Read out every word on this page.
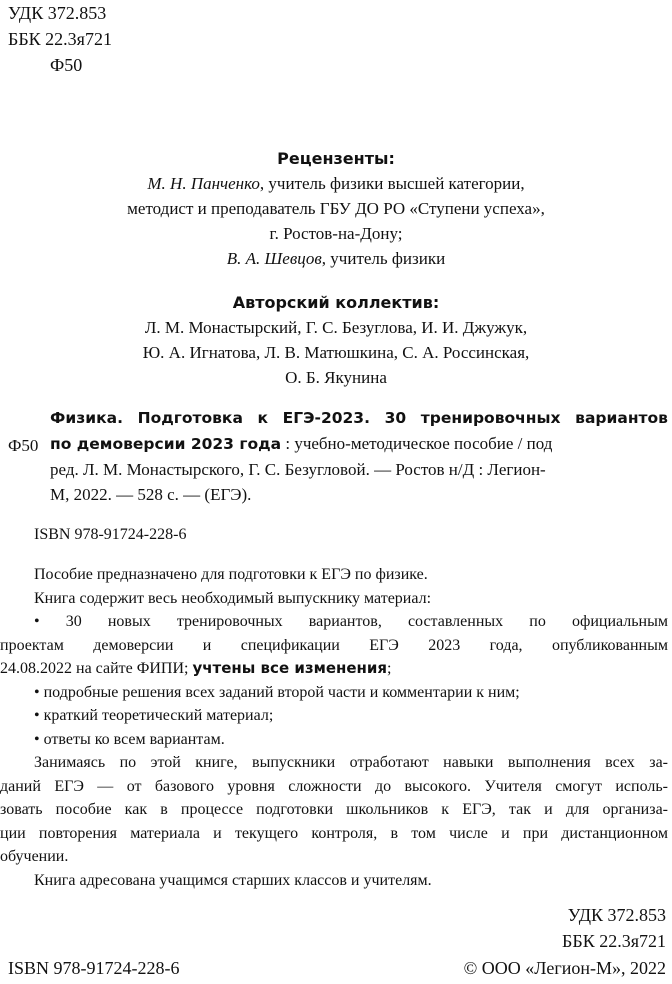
УДК 372.853
ББК 22.3я721
Ф50
Рецензенты:
М. Н. Панченко, учитель физики высшей категории,
методист и преподаватель ГБУ ДО РО «Ступени успеха»,
г. Ростов-на-Дону;
В. А. Шевцов, учитель физики
Авторский коллектив:
Л. М. Монастырский, Г. С. Безуглова, И. И. Джужук,
Ю. А. Игнатова, Л. В. Матюшкина, С. А. Россинская,
О. Б. Якунина
Ф50
Физика. Подготовка к ЕГЭ-2023. 30 тренировочных вариантов
по демоверсии 2023 года : учебно-методическое пособие / под
ред. Л. М. Монастырского, Г. С. Безугловой. — Ростов н/Д : Легион-
М, 2022. — 528 с. — (ЕГЭ).
ISBN 978-91724-228-6
Пособие предназначено для подготовки к ЕГЭ по физике.
Книга содержит весь необходимый выпускнику материал:
• 30 новых тренировочных вариантов, составленных по официальным
проектам демоверсии и спецификации ЕГЭ 2023 года, опубликованным
24.08.2022 на сайте ФИПИ; учтены все изменения;
• подробные решения всех заданий второй части и комментарии к ним;
• краткий теоретический материал;
• ответы ко всем вариантам.
Занимаясь по этой книге, выпускники отработают навыки выполнения всех за-
даний ЕГЭ — от базового уровня сложности до высокого. Учителя смогут исполь-
зовать пособие как в процессе подготовки школьников к ЕГЭ, так и для организа-
ции повторения материала и текущего контроля, в том числе и при дистанционном
обучении.
Книга адресована учащимся старших классов и учителям.
УДК 372.853
ББК 22.3я721
ISBN 978-91724-228-6	© ООО «Легион-М», 2022
